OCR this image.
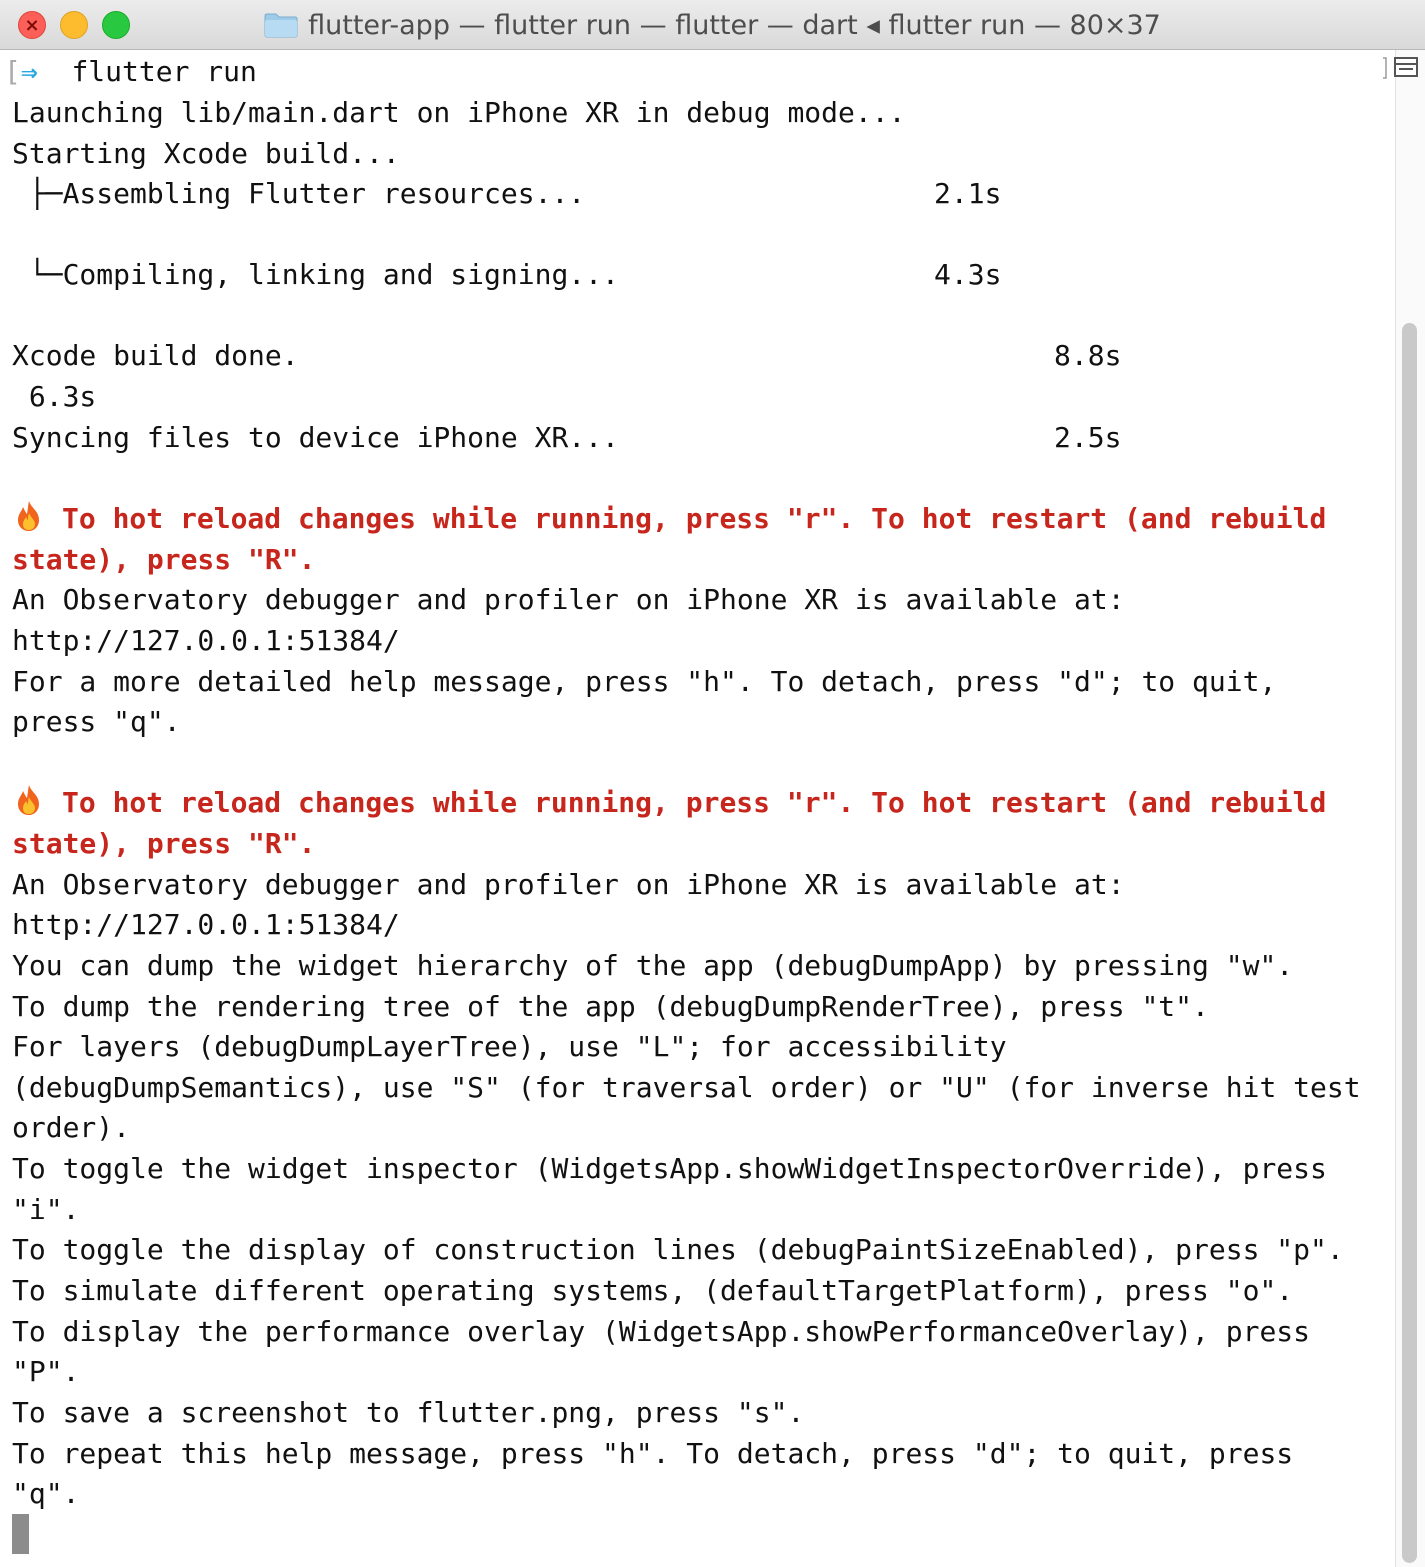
×	flutter-app — flutter run — flutter — dart ◂ flutter run — 80×37
[⇒ flutter run
Launching lib/main.dart on iPhone XR in debug mode...
Starting Xcode build...
├─Assembling Flutter resources...	2.1s
└─Compiling, linking and signing...	4.3s
Xcode build done.	8.8s
6.3s
Syncing files to device iPhone XR...	2.5s
To hot reload changes while running, press "r". To hot restart (and rebuild
state), press "R".
An Observatory debugger and profiler on iPhone XR is available at:
http://127.0.0.1:51384/
For a more detailed help message, press "h". To detach, press "d"; to quit,
press "q".
To hot reload changes while running, press "r". To hot restart (and rebuild
state), press "R".
An Observatory debugger and profiler on iPhone XR is available at:
http://127.0.0.1:51384/
You can dump the widget hierarchy of the app (debugDumpApp) by pressing "w".
To dump the rendering tree of the app (debugDumpRenderTree), press "t".
For layers (debugDumpLayerTree), use "L"; for accessibility
(debugDumpSemantics), use "S" (for traversal order) or "U" (for inverse hit test
order).
To toggle the widget inspector (WidgetsApp.showWidgetInspectorOverride), press
"i".
To toggle the display of construction lines (debugPaintSizeEnabled), press "p".
To simulate different operating systems, (defaultTargetPlatform), press "o".
To display the performance overlay (WidgetsApp.showPerformanceOverlay), press
"P".
To save a screenshot to flutter.png, press "s".
To repeat this help message, press "h". To detach, press "d"; to quit, press
"q".
